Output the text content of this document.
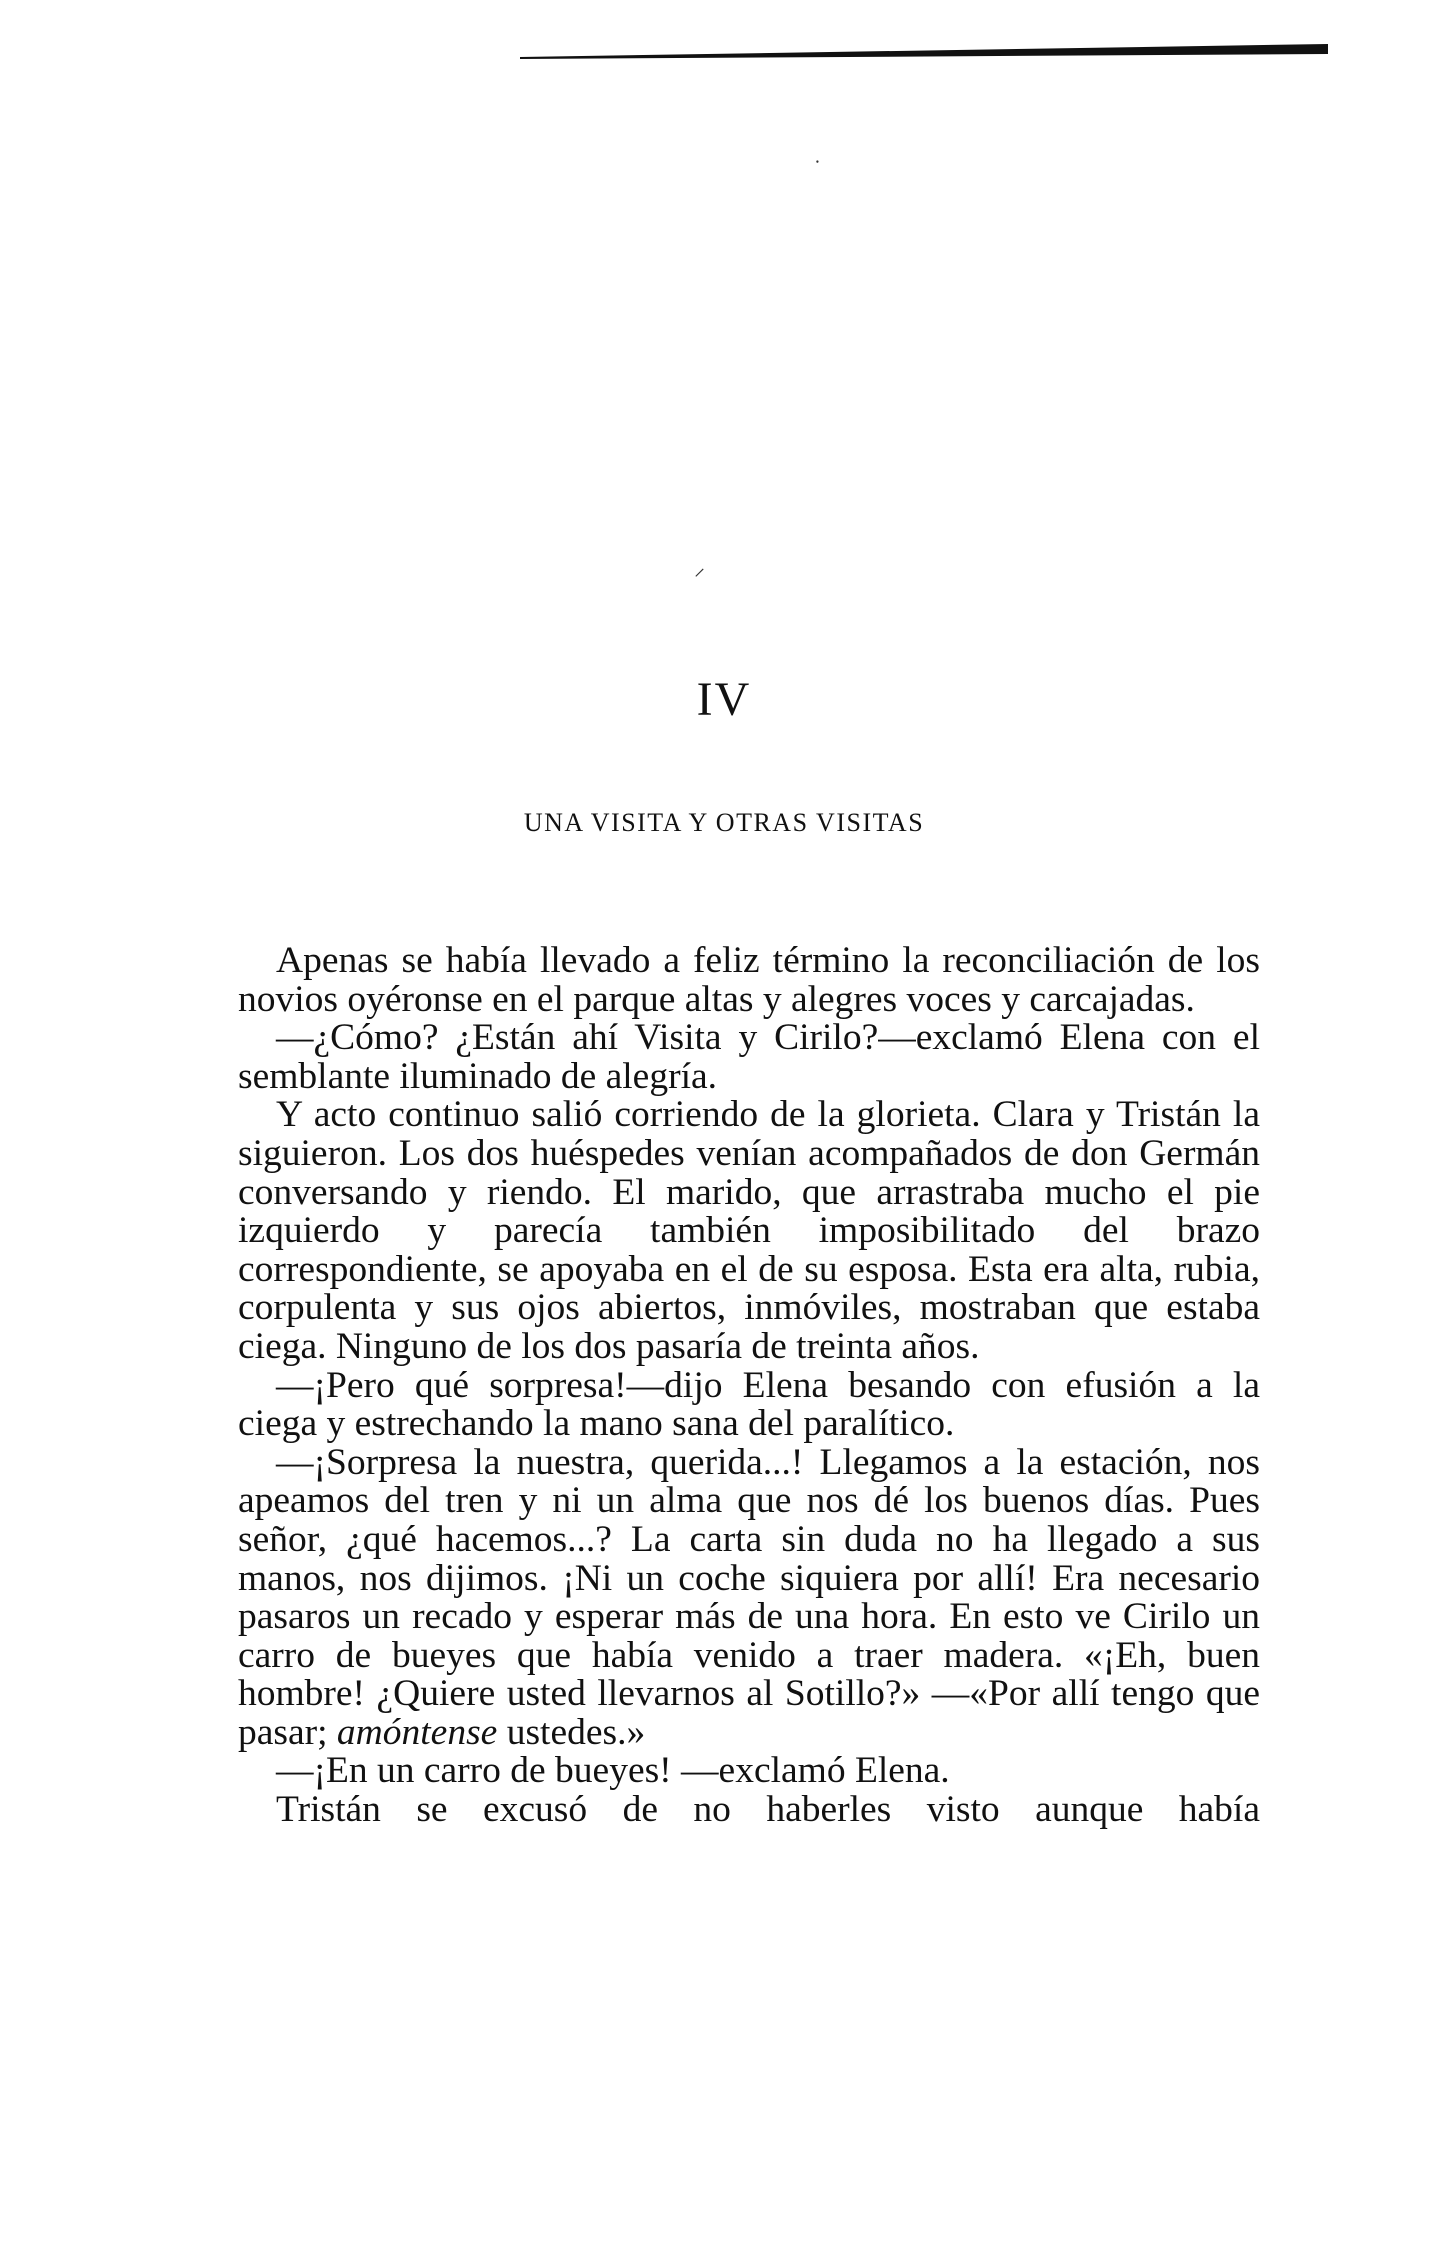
⸱
⸝
IV
UNA VISITA Y OTRAS VISITAS

Apenas se había llevado a feliz término la reconciliación de los novios oyéronse en el parque altas y alegres voces y carcajadas.

—¿Cómo? ¿Están ahí Visita y Cirilo?—exclamó Elena con el semblante iluminado de alegría.

Y acto continuo salió corriendo de la glorieta. Clara y Tristán la siguieron. Los dos huéspedes venían acompañados de don Germán conversando y riendo. El marido, que arrastraba mucho el pie izquierdo y parecía también imposibilitado del brazo correspondiente, se apoyaba en el de su esposa. Esta era alta, rubia, corpulenta y sus ojos abiertos, inmóviles, mostraban que estaba ciega. Ninguno de los dos pasaría de treinta años.

—¡Pero qué sorpresa!—dijo Elena besando con efusión a la ciega y estrechando la mano sana del paralítico.

—¡Sorpresa la nuestra, querida...! Llegamos a la estación, nos apeamos del tren y ni un alma que nos dé los buenos días. Pues señor, ¿qué hacemos...? La carta sin duda no ha llegado a sus manos, nos dijimos. ¡Ni un coche siquiera por allí! Era necesario pasaros un recado y esperar más de una hora. En esto ve Cirilo un carro de bueyes que había venido a traer madera. «¡Eh, buen hombre! ¿Quiere usted llevarnos al Sotillo?» —«Por allí tengo que pasar; amóntense ustedes.»

—¡En un carro de bueyes! —exclamó Elena.

Tristán se excusó de no haberles visto aunque había
